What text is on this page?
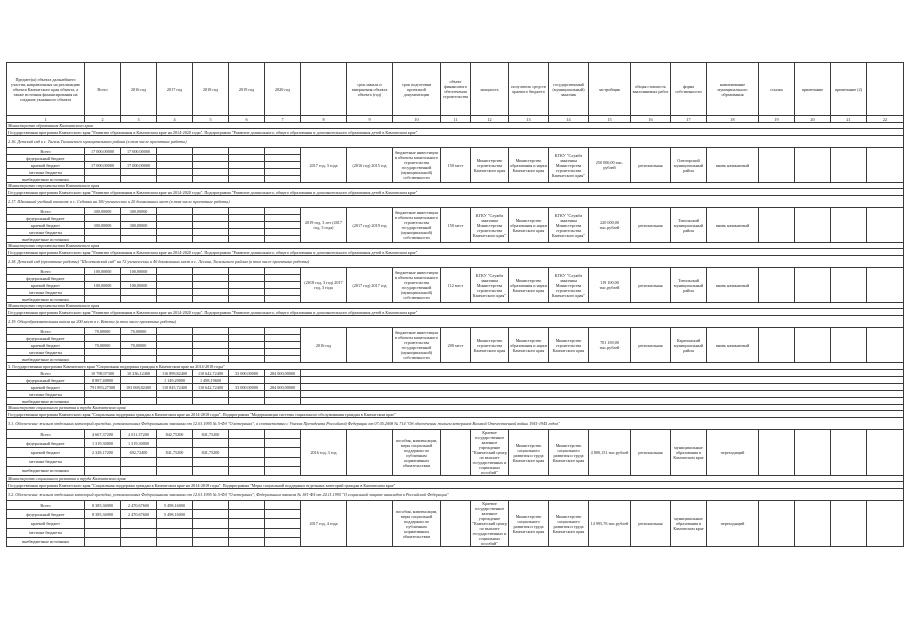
Предмет(ы) объекта дальнейшего участия, направленных на реализацию объекта Камчатского края объекта, а также источник финансирования на создание указанного объекта	Всего	2016 год	2017 год	2018 год	2019 год	2020 год		срок начала и завершения объекта объекта (год)	срок подготовки проектной документации	объект финансового обеспечения строительства	мощность	получатель средств краевого бюджета	государственный (муниципальный) заказчик	застройщик	общая стоимость выполняемых работ	форма собственности	наименование муниципального образования	ссылка	примечание	примечание (2)	
1	2	3	4	5	6	7	8	9	10	11	12	13	14	15	16	17	18	19	20	21	22
Министерство образования Камчатского края																					
Государственная программа Камчатского края "Развитие образования в Камчатском крае на 2014-2020 годы". Подпрограмма "Развитие дошкольного, общего образования и дополнительного образования детей в Камчатском крае"																					
2.16. Детский сад в с. Тигиль Тигильского муниципального района (в том числе проектные работы)																					
Всего	17 000,00000	17 000,00000					2017 год, 3 года	(2016 год) 2015 год	бюджетные инвестиции в объекты капитального строительства государственной (муниципальной) собственности	150 мест	Министерство строительства Камчатского края	Министерство образования и науки Камчатского края	КГКУ "Служба заказчика Министерства строительства Камчатского края"	250 000,00 тыс. рублей	региональная	Олюторский муниципальный район	вновь начинаемый				
федеральный бюджет																					
краевой бюджет	17 000,00000	17 000,00000																			
местные бюджеты																					
внебюджетные источники																					
Министерство строительства Камчатского края																					
Государственная программа Камчатского края "Развитие образования в Камчатском крае на 2014-2020 годы". Подпрограмма "Развитие дошкольного, общего образования и дополнительного образования детей в Камчатском крае"																					
2.17. Школьный учебный комплекс в с. Седанка на 100 ученических и 20 дошкольных мест (в том числе проектные работы)																					
Всего	300,00000	300,00000					2019 год, 3 лет (2017 год, 3 года)	(2017 год) 2019 год	бюджетные инвестиции в объекты капитального строительства государственной (муниципальной) собственности	150 мест	КГКУ "Служба заказчика Министерства строительства Камчатского края"	Министерство образования и науки Камчатского края	КГКУ "Служба заказчика Министерства строительства Камчатского края"	220 000,00 тыс.рублей	региональная	Тигильский муниципальный район	вновь начинаемый				
федеральный бюджет																					
краевой бюджет	300,00000	300,00000																			
местные бюджеты																					
внебюджетные источники																					
Министерство строительства Камчатского края																					
Государственная программа Камчатского края "Развитие образования в Камчатском крае на 2014-2020 годы". Подпрограмма "Развитие дошкольного, общего образования и дополнительного образования детей в Камчатском крае"																					
2.18. Детский сад (проектные работы) "Шелезновский сад" на 72 ученических и 40 дошкольных мест в с. Лесная, Тигильского района (в том числе проектные работы)																					
Всего	100,00000	100,00000					(2018 год, 3 год) 2017 год, 3 года	(2017 год) 2017 год	бюджетные инвестиции в объекты капитального строительства государственной (муниципальной) собственности	112 мест	КГКУ "Служба заказчика Министерства строительства Камчатского края"	Министерство образования и науки Камчатского края	КГКУ "Служба заказчика Министерства строительства Камчатского края"	119 100,00 тыс.рублей	региональная	Тигильский муниципальный район	вновь начинаемый				
федеральный бюджет																					
краевой бюджет	100,00000	100,00000																			
местные бюджеты																					
внебюджетные источники																					
Министерство строительства Камчатского края																					
Государственная программа Камчатского края "Развитие образования в Камчатском крае на 2014-2020 годы". Подпрограмма "Развитие дошкольного, общего образования и дополнительного образования детей в Камчатском крае"																					
2.19. Общеобразовательная школа на 200 мест в с. Ветлюг (в том числе проектные работы)																					
Всего	70,00000	70,00000					2016 год		бюджетные инвестиции в объекты капитального строительства государственной (муниципальной) собственности	200 мест	Министерство строительства Камчатского края	Министерство образования и науки Камчатского края	Министерство строительства Камчатского края	701 169,00 тыс.рублей	региональная	Карагинский муниципальный район	вновь начинаемый				
федеральный бюджет																					
краевой бюджет	70,00000	70,00000																			
местные бюджеты																					
внебюджетные источники																					
3. Государственная программа Камчатского края "Социальная поддержка граждан в Камчатском крае на 2014-2018 годы"																					
Всего	10 798,97300	10 236,12400	116 899,82400	110 642,72400	33 000,00000	284 000,00000															
федеральный бюджет	8 887,48800		1 149,29000	1 498,19600																	
краевой бюджет	791 893,27300	103 068,82400	110 845,72400	110 642,72400	33 000,00000	284 000,00000															
местные бюджеты																					
внебюджетные источники																					
Министерство социального развития и труда Камчатского края																					
Государственная программа Камчатского края "Социальная поддержка граждан в Камчатском крае на 2014-2018 годы". Подпрограмма "Модернизация системы социального обслуживания граждан в Камчатском крае"																					
3.1. Обеспечение жильем отдельных категорий граждан, установленных Федеральными законами от 12.01.1995 № 5-ФЗ "О ветеранах", в соответствии с Указом Президента Российской Федерации от 07.05.2008 № 714 "Об обеспечении жильем ветеранов Великой Отечественной войны 1941-1945 годов"																					
Всего	4 667,37200	2 011,37200	842,75200	841,75200			2016 год, 3 год		пособия, компенсации, меры социальной поддержки по публичным нормативным обязательствам		Краевое государственное казенное учреждение "Камчатский центр по выплате государственных и социальных пособий"	Министерство социального развития и труда Камчатского края	Министерство социального развития и труда Камчатского края	4 800,151 тыс.рублей	региональная	муниципальные образования в Камчатском крае	переходящий				
федеральный бюджет	1 319,30000	1 319,30000																			
краевой бюджет	2 328,17200	692,72400	841,75200	841,75200																	
местные бюджеты																					
внебюджетные источники																					
Министерство социального развития и труда Камчатского края																					
Государственная программа Камчатского края "Социальная поддержка граждан в Камчатском крае на 2014-2018 годы". Подпрограмма "Меры социальной поддержки отдельных категорий граждан в Камчатском крае"																					
3.2. Обеспечение жильем отдельных категорий граждан, установленных Федеральными законами от 12.01.1995 № 5-ФЗ "О ветеранах", Федеральным законом № 181-ФЗ от 24.11.1995 "О социальной защите инвалидов в Российской Федерации"																					
Всего	8 385,36900	2 470,67600	5 498,16000				2017 год, 4 года		пособия, компенсации, меры социальной поддержки по публичным нормативным обязательствам		Краевое государственное казенное учреждение "Камчатский центр по выплате государственных и социальных пособий"	Министерство социального развития и труда Камчатского края	Министерство социального развития и труда Камчатского края	14 995,76 тыс.рублей	региональная	муниципальные образования в Камчатском крае	переходящий				
федеральный бюджет	8 385,36900	2 470,67600	5 498,16000																		
краевой бюджет																					
местные бюджеты																					
внебюджетные источники																					
